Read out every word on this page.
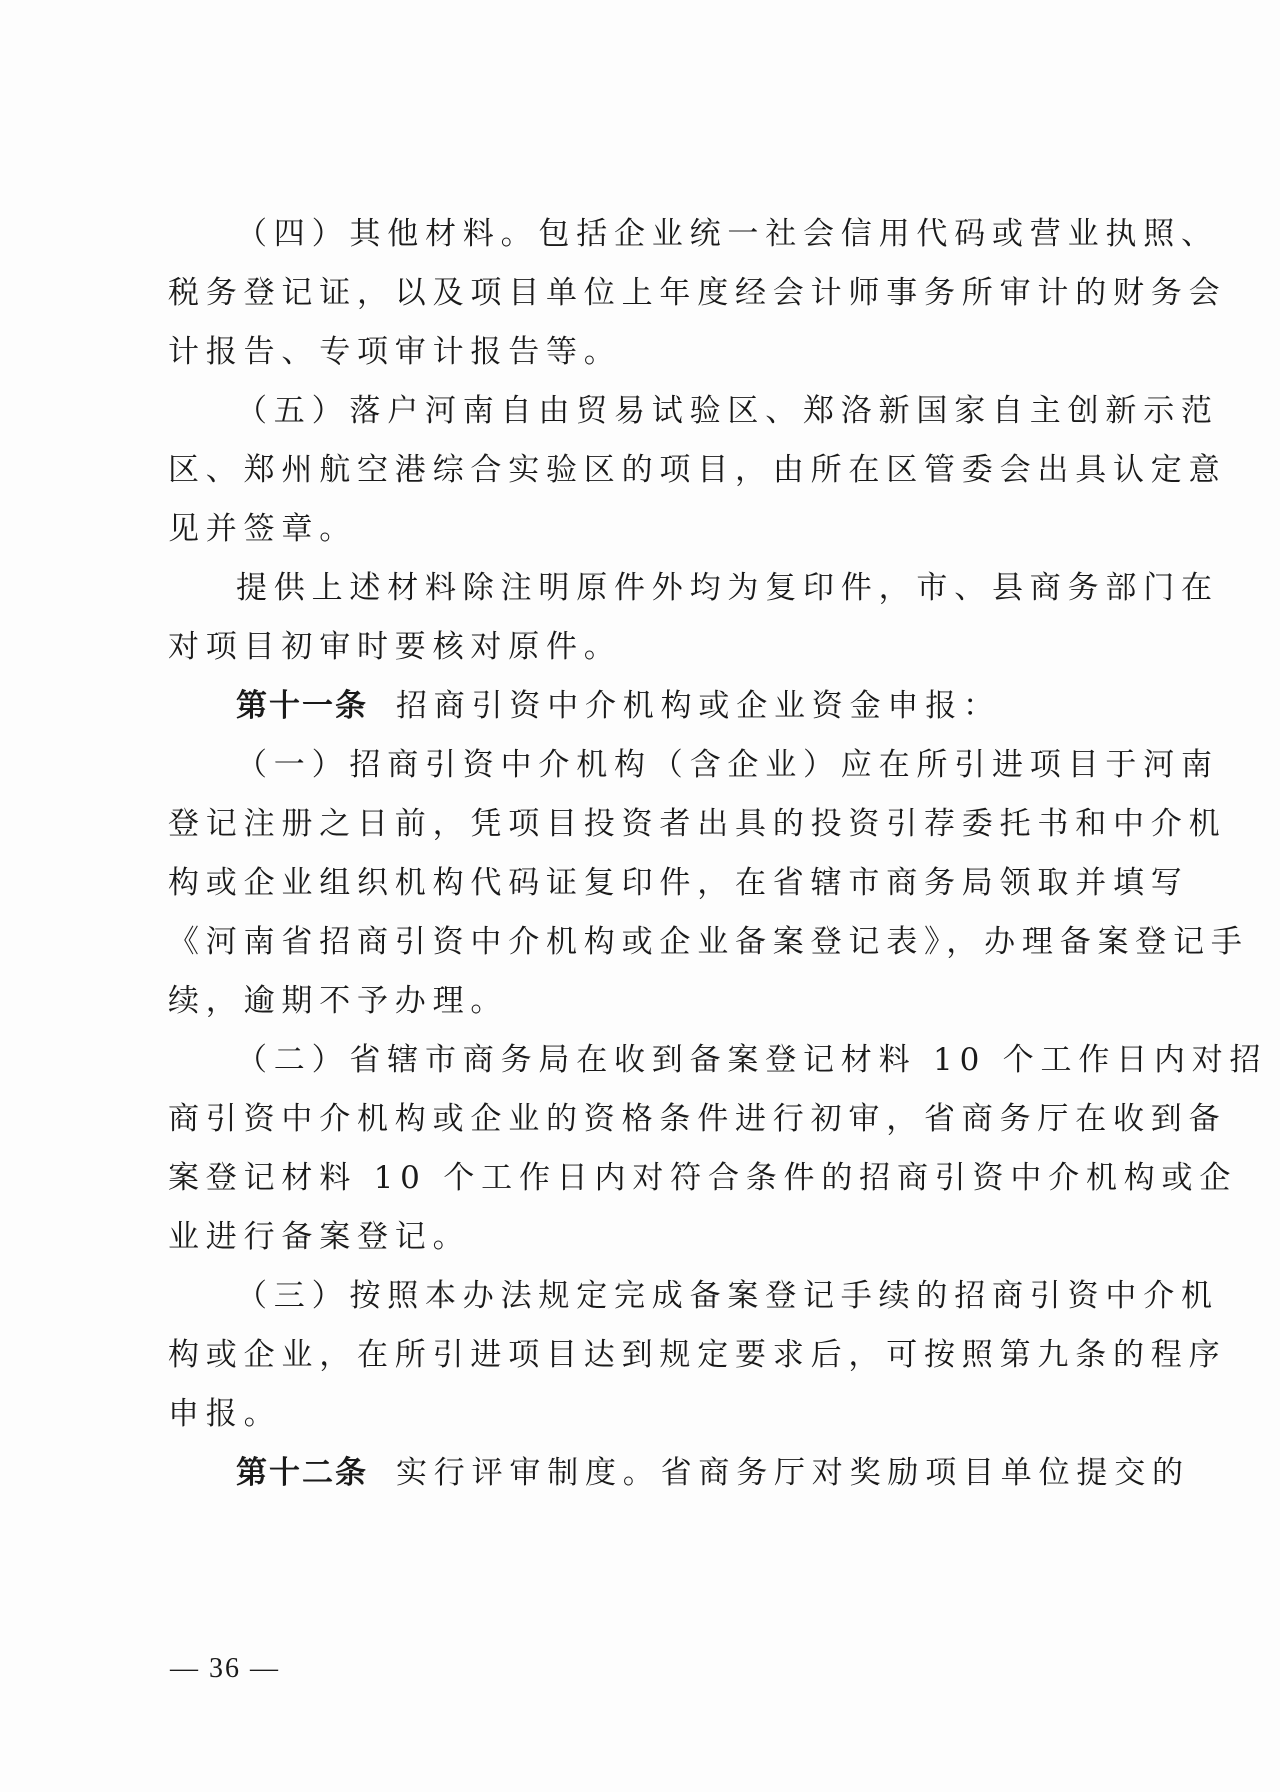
（四）其他材料。包括企业统一社会信用代码或营业执照、
税务登记证，以及项目单位上年度经会计师事务所审计的财务会
计报告、专项审计报告等。
（五）落户河南自由贸易试验区、郑洛新国家自主创新示范
区、郑州航空港综合实验区的项目，由所在区管委会出具认定意
见并签章。
提供上述材料除注明原件外均为复印件，市、县商务部门在
对项目初审时要核对原件。
第十一条 招商引资中介机构或企业资金申报：
（一）招商引资中介机构（含企业）应在所引进项目于河南
登记注册之日前，凭项目投资者出具的投资引荐委托书和中介机
构或企业组织机构代码证复印件，在省辖市商务局领取并填写
《河南省招商引资中介机构或企业备案登记表》，办理备案登记手
续，逾期不予办理。
（二）省辖市商务局在收到备案登记材料 10 个工作日内对招
商引资中介机构或企业的资格条件进行初审，省商务厅在收到备
案登记材料 10 个工作日内对符合条件的招商引资中介机构或企
业进行备案登记。
（三）按照本办法规定完成备案登记手续的招商引资中介机
构或企业，在所引进项目达到规定要求后，可按照第九条的程序
申报。
第十二条 实行评审制度。省商务厅对奖励项目单位提交的
— 36 —
